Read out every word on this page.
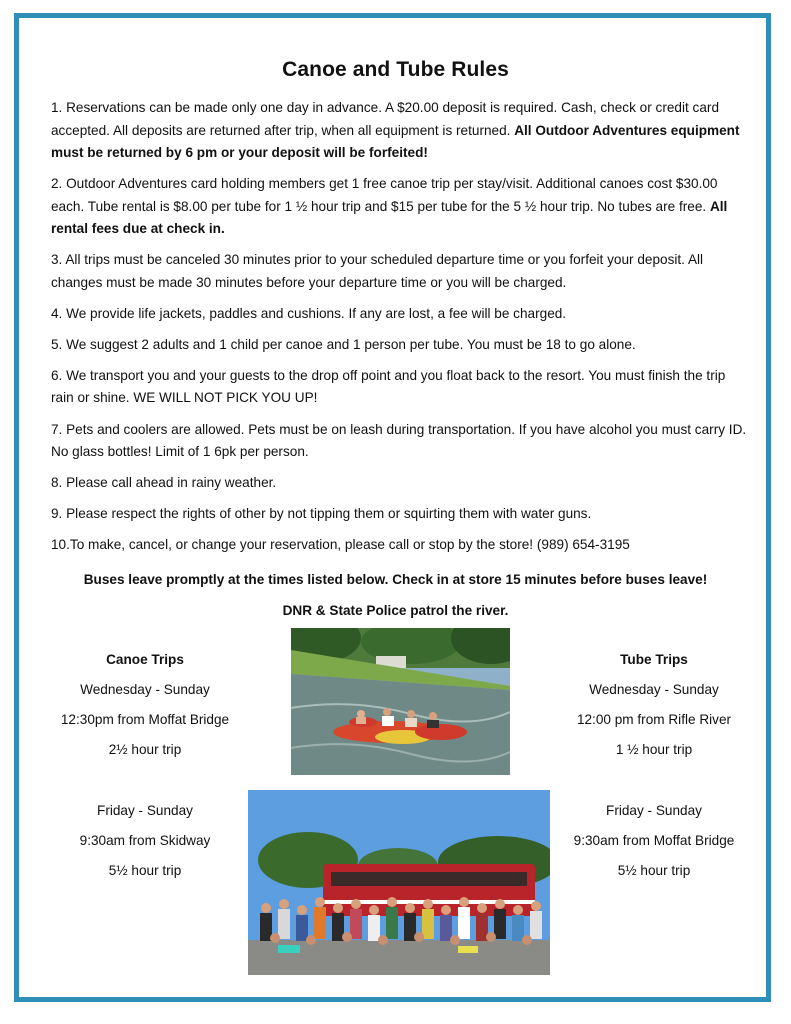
Canoe and Tube Rules

1. Reservations can be made only one day in advance. A $20.00 deposit is required. Cash, check or credit card accepted. All deposits are returned after trip, when all equipment is returned. All Outdoor Adventures equipment must be returned by 6 pm or your deposit will be forfeited!

2. Outdoor Adventures card holding members get 1 free canoe trip per stay/visit. Additional canoes cost $30.00 each. Tube rental is $8.00 per tube for 1 ½ hour trip and $15 per tube for the 5 ½ hour trip. No tubes are free. All rental fees due at check in.

3. All trips must be canceled 30 minutes prior to your scheduled departure time or you forfeit your deposit. All changes must be made 30 minutes before your departure time or you will be charged.

4. We provide life jackets, paddles and cushions. If any are lost, a fee will be charged.

5. We suggest 2 adults and 1 child per canoe and 1 person per tube. You must be 18 to go alone.

6. We transport you and your guests to the drop off point and you float back to the resort. You must finish the trip rain or shine. WE WILL NOT PICK YOU UP!

7. Pets and coolers are allowed. Pets must be on leash during transportation. If you have alcohol you must carry ID. No glass bottles! Limit of 1 6pk per person.

8. Please call ahead in rainy weather.

9. Please respect the rights of other by not tipping them or squirting them with water guns.

10.To make, cancel, or change your reservation, please call or stop by the store! (989) 654-3195

Buses leave promptly at the times listed below. Check in at store 15 minutes before buses leave!
DNR & State Police patrol the river.
Canoe Trips
Wednesday - Sunday
12:30pm from Moffat Bridge
2½ hour trip
Tube Trips
Wednesday - Sunday
12:00 pm from Rifle River
1 ½ hour trip
Friday - Sunday
9:30am from Skidway
5½ hour trip
Friday - Sunday
9:30am from Moffat Bridge
5½ hour trip
